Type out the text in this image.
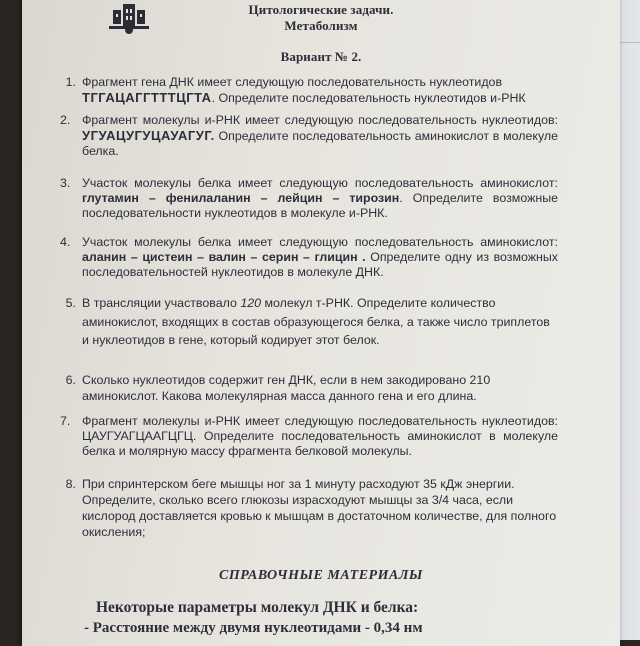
Цитологические задачи.
Метаболизм
Вариант № 2.
1. Фрагмент гена ДНК имеет следующую последовательность нуклеотидов
ТГГАЦАГГТТТЦГТА. Определите последовательность нуклеотидов и-РНК
2. Фрагмент молекулы и-РНК имеет следующую последовательность нуклеотидов: УГУАЦУГУЦАУАГУГ. Определите последовательность аминокислот в молекуле белка.
3. Участок молекулы белка имеет следующую последовательность аминокислот: глутамин – фенилаланин – лейцин – тирозин. Определите возможные последовательности нуклеотидов в молекуле и-РНК.
4. Участок молекулы белка имеет следующую последовательность аминокислот: аланин – цистеин – валин – серин – глицин . Определите одну из возможных последовательностей нуклеотидов в молекуле ДНК.
5. В трансляции участвовало 120 молекул т-РНК. Определите количество аминокислот, входящих в состав образующегося белка, а также число триплетов и нуклеотидов в гене, который кодирует этот белок.
6. Сколько нуклеотидов содержит ген ДНК, если в нем закодировано 210 аминокислот. Какова молекулярная масса данного гена и его длина.
7. Фрагмент молекулы и-РНК имеет следующую последовательность нуклеотидов: ЦАУГУАГЦААГЦГЦ. Определите последовательность аминокислот в молекуле белка и молярную массу фрагмента белковой молекулы.
8. При спринтерском беге мышцы ног за 1 минуту расходуют 35 кДж энергии. Определите, сколько всего глюкозы израсходуют мышцы за 3/4 часа, если кислород доставляется кровью к мышцам в достаточном количестве, для полного окисления;
СПРАВОЧНЫЕ МАТЕРИАЛЫ
Некоторые параметры молекул ДНК и белка:
- Расстояние между двумя нуклеотидами - 0,34 нм
